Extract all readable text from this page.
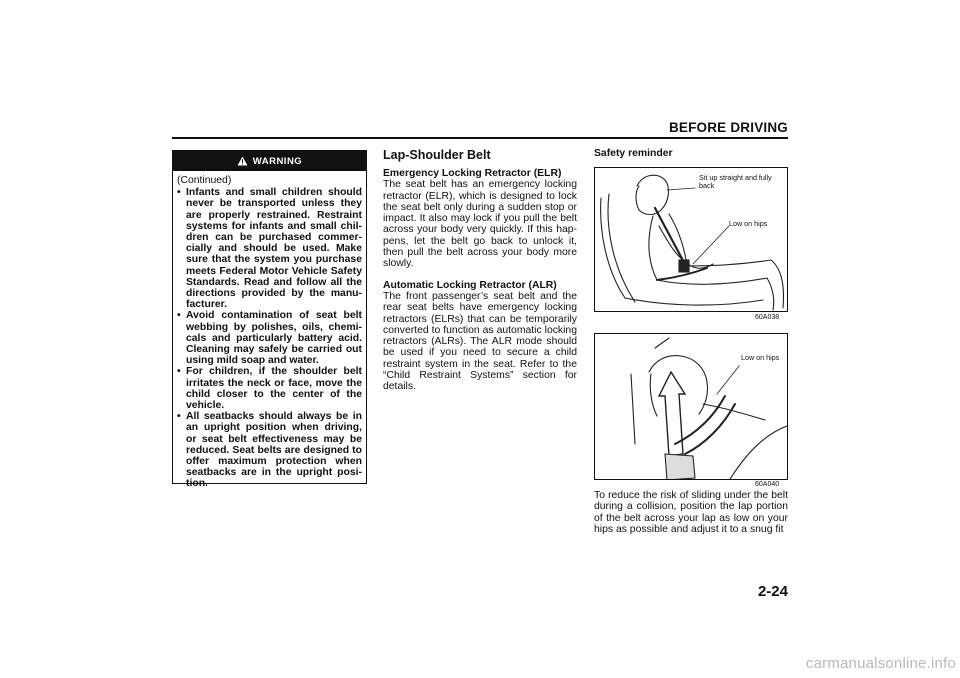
BEFORE DRIVING
WARNING
(Continued)
• Infants and small children should never be transported unless they are properly restrained. Restraint systems for infants and small chil-dren can be purchased commer-cially and should be used. Make sure that the system you purchase meets Federal Motor Vehicle Safety Standards. Read and follow all the directions provided by the manu-facturer.
• Avoid contamination of seat belt webbing by polishes, oils, chemi-cals and particularly battery acid. Cleaning may safely be carried out using mild soap and water.
• For children, if the shoulder belt irritates the neck or face, move the child closer to the center of the vehicle.
• All seatbacks should always be in an upright position when driving, or seat belt effectiveness may be reduced. Seat belts are designed to offer maximum protection when seatbacks are in the upright posi-tion.
Lap-Shoulder Belt
Emergency Locking Retractor (ELR)

The seat belt has an emergency locking retractor (ELR), which is designed to lock the seat belt only during a sudden stop or impact. It also may lock if you pull the belt across your body very quickly. If this hap-pens, let the belt go back to unlock it, then pull the belt across your body more slowly.

Automatic Locking Retractor (ALR)

The front passenger’s seat belt and the rear seat belts have emergency locking retractors (ELRs) that can be temporarily converted to function as automatic locking retractors (ALRs). The ALR mode should be used if you need to secure a child restraint system in the seat. Refer to the “Child Restraint Systems” section for details.

Safety reminder
Sit up straight and fully back
Low on hips
60A038
Low on hips
60A040

To reduce the risk of sliding under the belt during a collision, position the lap portion of the belt across your lap as low on your hips as possible and adjust it to a snug fit

2-24
carmanualsonline.info
